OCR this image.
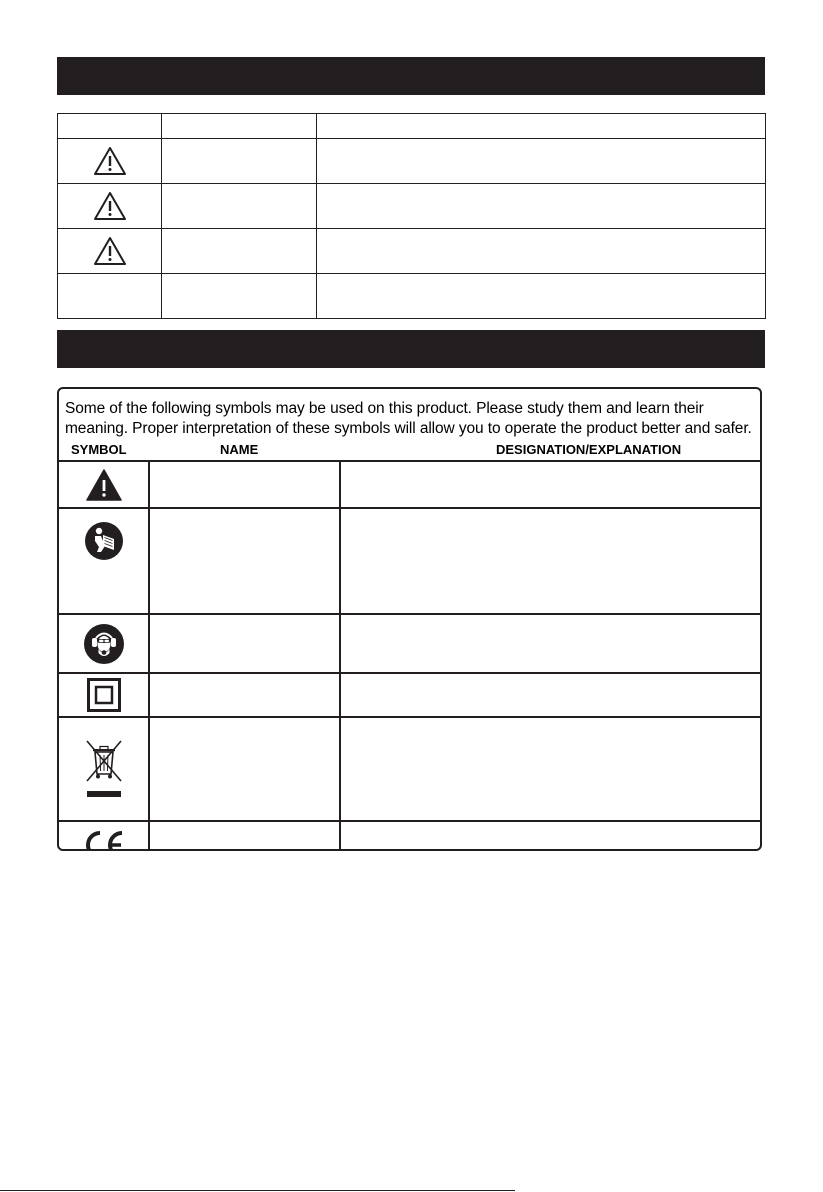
Some of the following symbols may be used on this product. Please study them and learn their meaning. Proper interpretation of these symbols will allow you to operate the product better and safer.
SYMBOL	NAME	DESIGNATION/EXPLANATION
